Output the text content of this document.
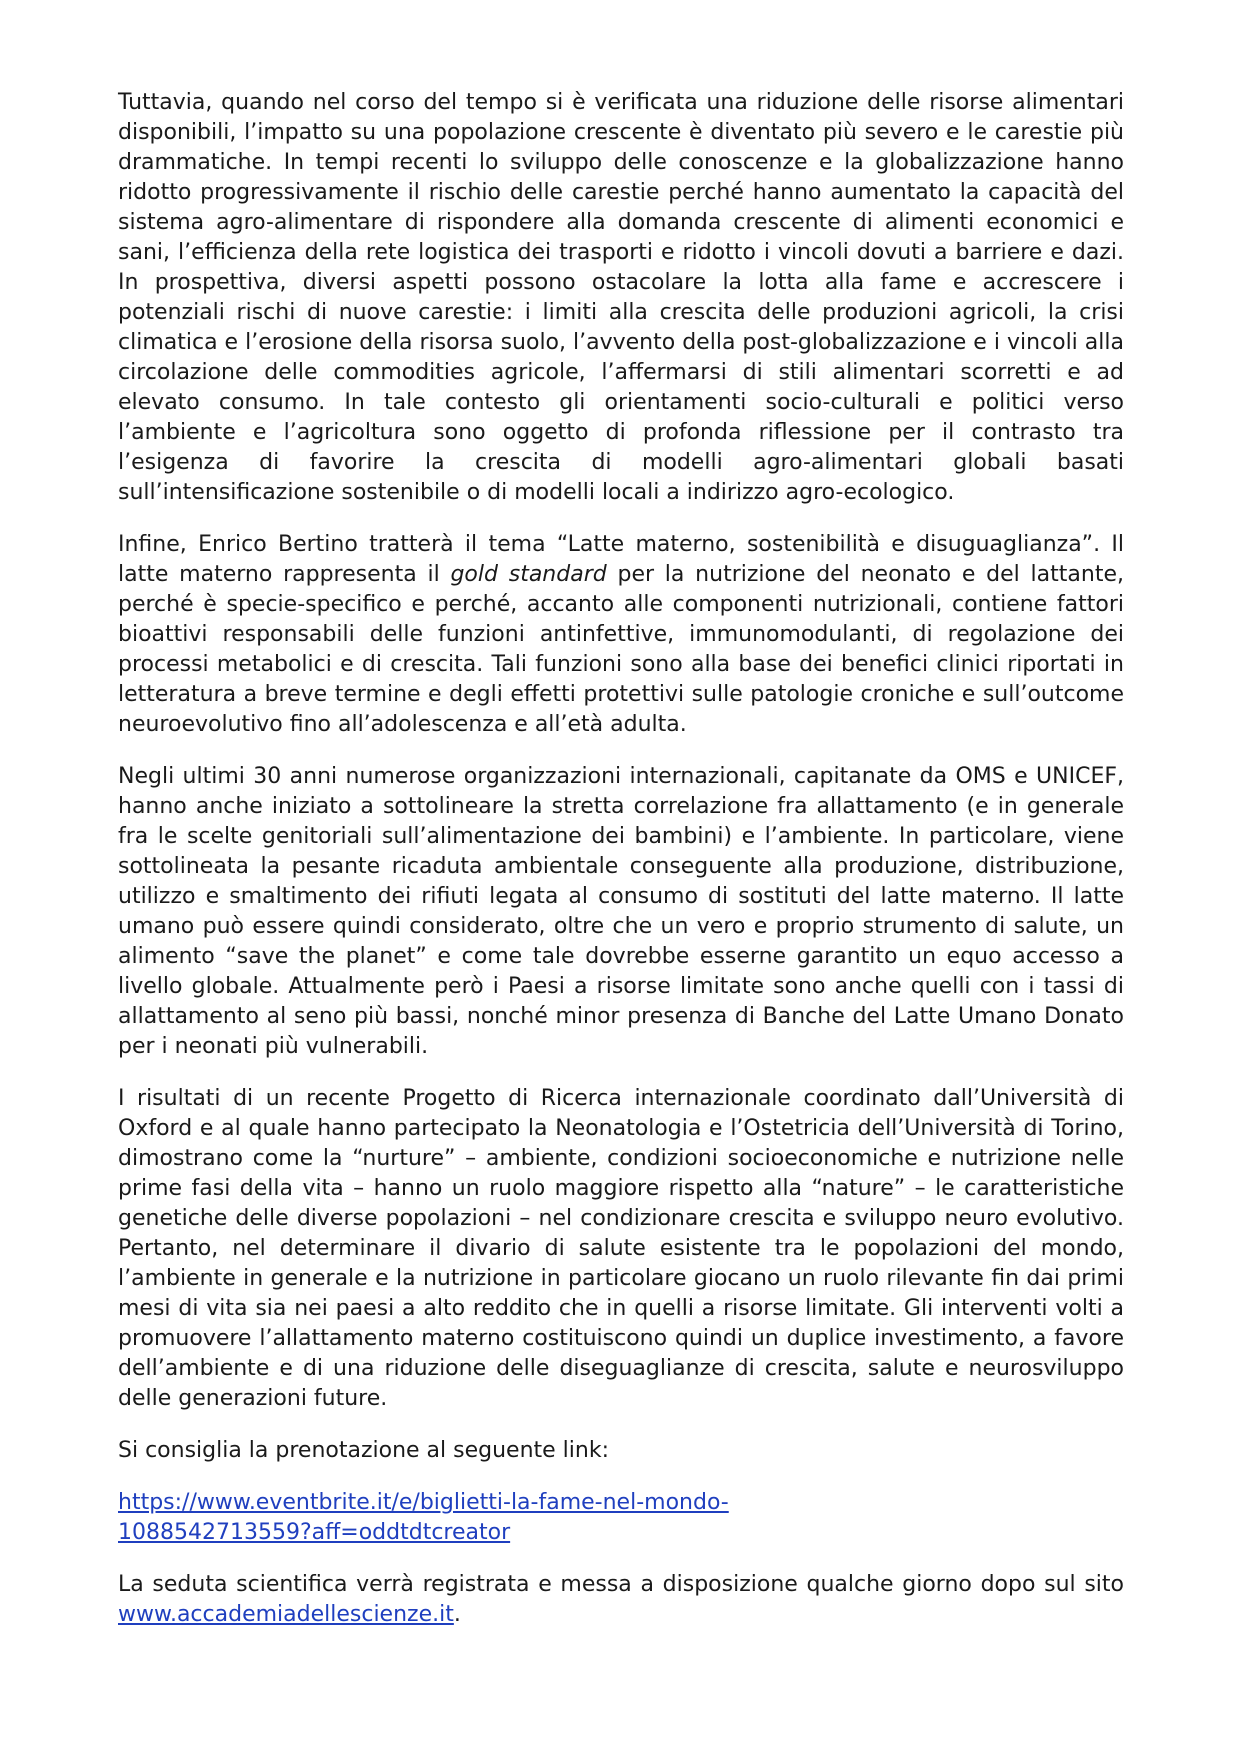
Tuttavia, quando nel corso del tempo si è verificata una riduzione delle risorse alimentari disponibili, l’impatto su una popolazione crescente è diventato più severo e le carestie più drammatiche. In tempi recenti lo sviluppo delle conoscenze e la globalizzazione hanno ridotto progressivamente il rischio delle carestie perché hanno aumentato la capacità del sistema agro-alimentare di rispondere alla domanda crescente di alimenti economici e sani, l’efficienza della rete logistica dei trasporti e ridotto i vincoli dovuti a barriere e dazi. In prospettiva, diversi aspetti possono ostacolare la lotta alla fame e accrescere i potenziali rischi di nuove carestie: i limiti alla crescita delle produzioni agricoli, la crisi climatica e l’erosione della risorsa suolo, l’avvento della post-globalizzazione e i vincoli alla circolazione delle commodities agricole, l’affermarsi di stili alimentari scorretti e ad elevato consumo. In tale contesto gli orientamenti socio-culturali e politici verso l’ambiente e l’agricoltura sono oggetto di profonda riflessione per il contrasto tra l’esigenza di favorire la crescita di modelli agro-alimentari globali basati sull’intensificazione sostenibile o di modelli locali a indirizzo agro-ecologico.

Infine, Enrico Bertino tratterà il tema “Latte materno, sostenibilità e disuguaglianza”. Il latte materno rappresenta il gold standard per la nutrizione del neonato e del lattante, perché è specie-specifico e perché, accanto alle componenti nutrizionali, contiene fattori bioattivi responsabili delle funzioni antinfettive, immunomodulanti, di regolazione dei processi metabolici e di crescita. Tali funzioni sono alla base dei benefici clinici riportati in letteratura a breve termine e degli effetti protettivi sulle patologie croniche e sull’outcome neuroevolutivo fino all’adolescenza e all’età adulta.

Negli ultimi 30 anni numerose organizzazioni internazionali, capitanate da OMS e UNICEF, hanno anche iniziato a sottolineare la stretta correlazione fra allattamento (e in generale fra le scelte genitoriali sull’alimentazione dei bambini) e l’ambiente. In particolare, viene sottolineata la pesante ricaduta ambientale conseguente alla produzione, distribuzione, utilizzo e smaltimento dei rifiuti legata al consumo di sostituti del latte materno. Il latte umano può essere quindi considerato, oltre che un vero e proprio strumento di salute, un alimento “save the planet” e come tale dovrebbe esserne garantito un equo accesso a livello globale. Attualmente però i Paesi a risorse limitate sono anche quelli con i tassi di allattamento al seno più bassi, nonché minor presenza di Banche del Latte Umano Donato per i neonati più vulnerabili.

I risultati di un recente Progetto di Ricerca internazionale coordinato dall’Università di Oxford e al quale hanno partecipato la Neonatologia e l’Ostetricia dell’Università di Torino, dimostrano come la “nurture” – ambiente, condizioni socioeconomiche e nutrizione nelle prime fasi della vita – hanno un ruolo maggiore rispetto alla “nature” – le caratteristiche genetiche delle diverse popolazioni – nel condizionare crescita e sviluppo neuro evolutivo. Pertanto, nel determinare il divario di salute esistente tra le popolazioni del mondo, l’ambiente in generale e la nutrizione in particolare giocano un ruolo rilevante fin dai primi mesi di vita sia nei paesi a alto reddito che in quelli a risorse limitate. Gli interventi volti a promuovere l’allattamento materno costituiscono quindi un duplice investimento, a favore dell’ambiente e di una riduzione delle diseguaglianze di crescita, salute e neurosviluppo delle generazioni future.

Si consiglia la prenotazione al seguente link:

https://www.eventbrite.it/e/biglietti-la-fame-nel-mondo-
1088542713559?aff=oddtdtcreator

La seduta scientifica verrà registrata e messa a disposizione qualche giorno dopo sul sito www.accademiadellescienze.it.
